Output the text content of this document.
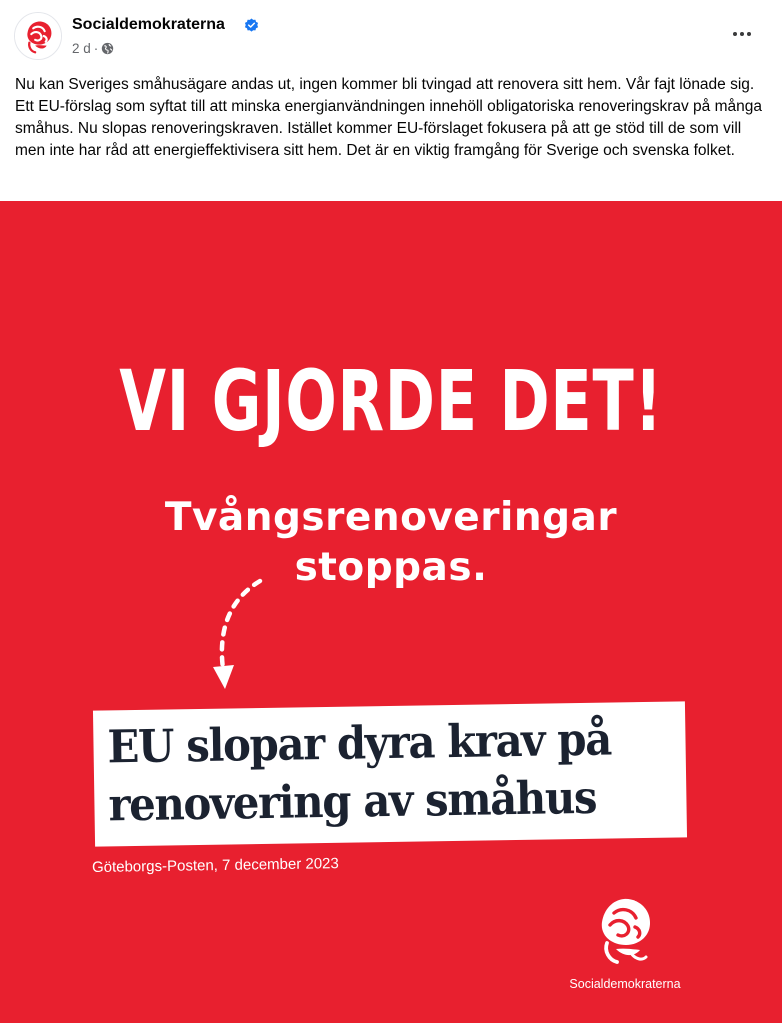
Socialdemokraterna
2 d ·

Nu kan Sveriges småhusägare andas ut, ingen kommer bli tvingad att renovera sitt hem. Vår fajt lönade sig. Ett EU-förslag som syftat till att minska energianvändningen innehöll obligatoriska renoveringskrav på många småhus. Nu slopas renoveringskraven. Istället kommer EU-förslaget fokusera på att ge stöd till de som vill men inte har råd att energieffektivisera sitt hem. Det är en viktig framgång för Sverige och svenska folket.

VI GJORDE DET!
Tvångsrenoveringar
stoppas.
EU slopar dyra krav på
renovering av småhus
Göteborgs-Posten, 7 december 2023
Socialdemokraterna
